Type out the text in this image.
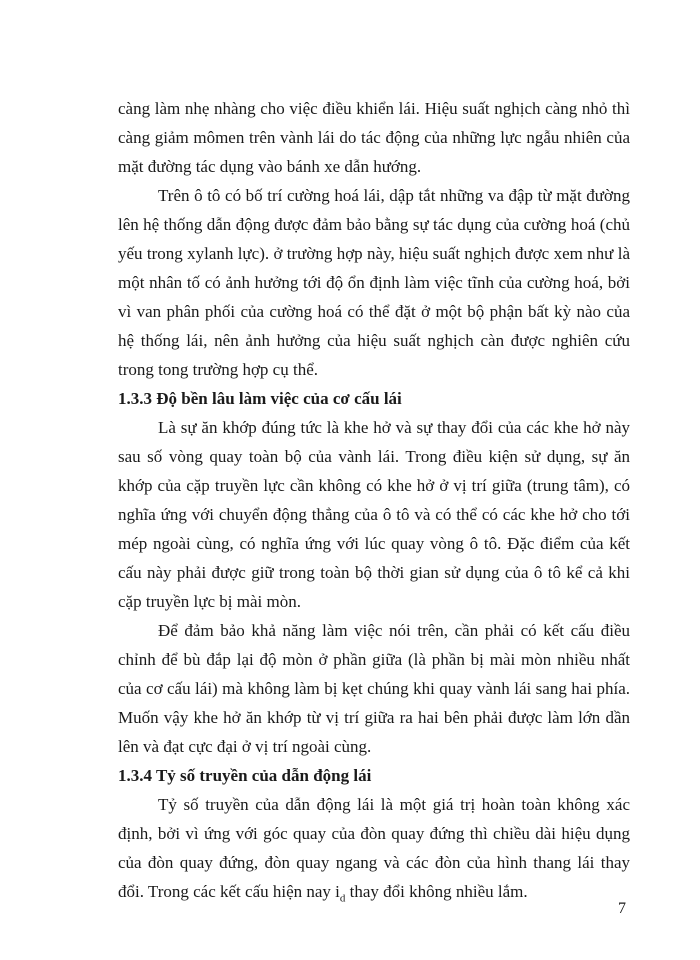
càng làm nhẹ nhàng cho việc điều khiển lái. Hiệu suất nghịch càng nhỏ thì càng giảm mômen trên vành lái do tác động của những lực ngẫu nhiên của mặt đường tác dụng vào bánh xe dẫn hướng.

Trên ô tô có bố trí cường hoá lái, dập tắt những va đập từ mặt đường lên hệ thống dẫn động được đảm bảo bằng sự tác dụng của cường hoá (chủ yếu trong xylanh lực). ở trường hợp này, hiệu suất nghịch được xem như là một nhân tố có ảnh hưởng tới độ ổn định làm việc tĩnh của cường hoá, bởi vì van phân phối của cường hoá có thể đặt ở một bộ phận bất kỳ nào của hệ thống lái, nên ảnh hưởng của hiệu suất nghịch càn được nghiên cứu trong tong trường hợp cụ thể.

1.3.3 Độ bền lâu làm việc của cơ cấu lái

Là sự ăn khớp đúng tức là khe hở và sự thay đổi của các khe hở này sau số vòng quay toàn bộ của vành lái. Trong điều kiện sử dụng, sự ăn khớp của cặp truyền lực cần không có khe hở ở vị trí giữa (trung tâm), có nghĩa ứng với chuyển động thẳng của ô tô và có thể có các khe hở cho tới mép ngoài cùng, có nghĩa ứng với lúc quay vòng ô tô. Đặc điểm của kết cấu này phải được giữ trong toàn bộ thời gian sử dụng của ô tô kể cả khi cặp truyền lực bị mài mòn.

Để đảm bảo khả năng làm việc nói trên, cần phải có kết cấu điều chỉnh để bù đắp lại độ mòn ở phần giữa (là phần bị mài mòn nhiều nhất của cơ cấu lái) mà không làm bị kẹt chúng khi quay vành lái sang hai phía. Muốn vậy khe hở ăn khớp từ vị trí giữa ra hai bên phải được làm lớn dần lên và đạt cực đại ở vị trí ngoài cùng.

1.3.4 Tỷ số truyền của dẫn động lái

Tỷ số truyền của dẫn động lái là một giá trị hoàn toàn không xác định, bởi vì ứng với góc quay của đòn quay đứng thì chiều dài hiệu dụng của đòn quay đứng, đòn quay ngang và các đòn của hình thang lái thay đổi. Trong các kết cấu hiện nay $i_d$ thay đổi không nhiều lắm.

7
